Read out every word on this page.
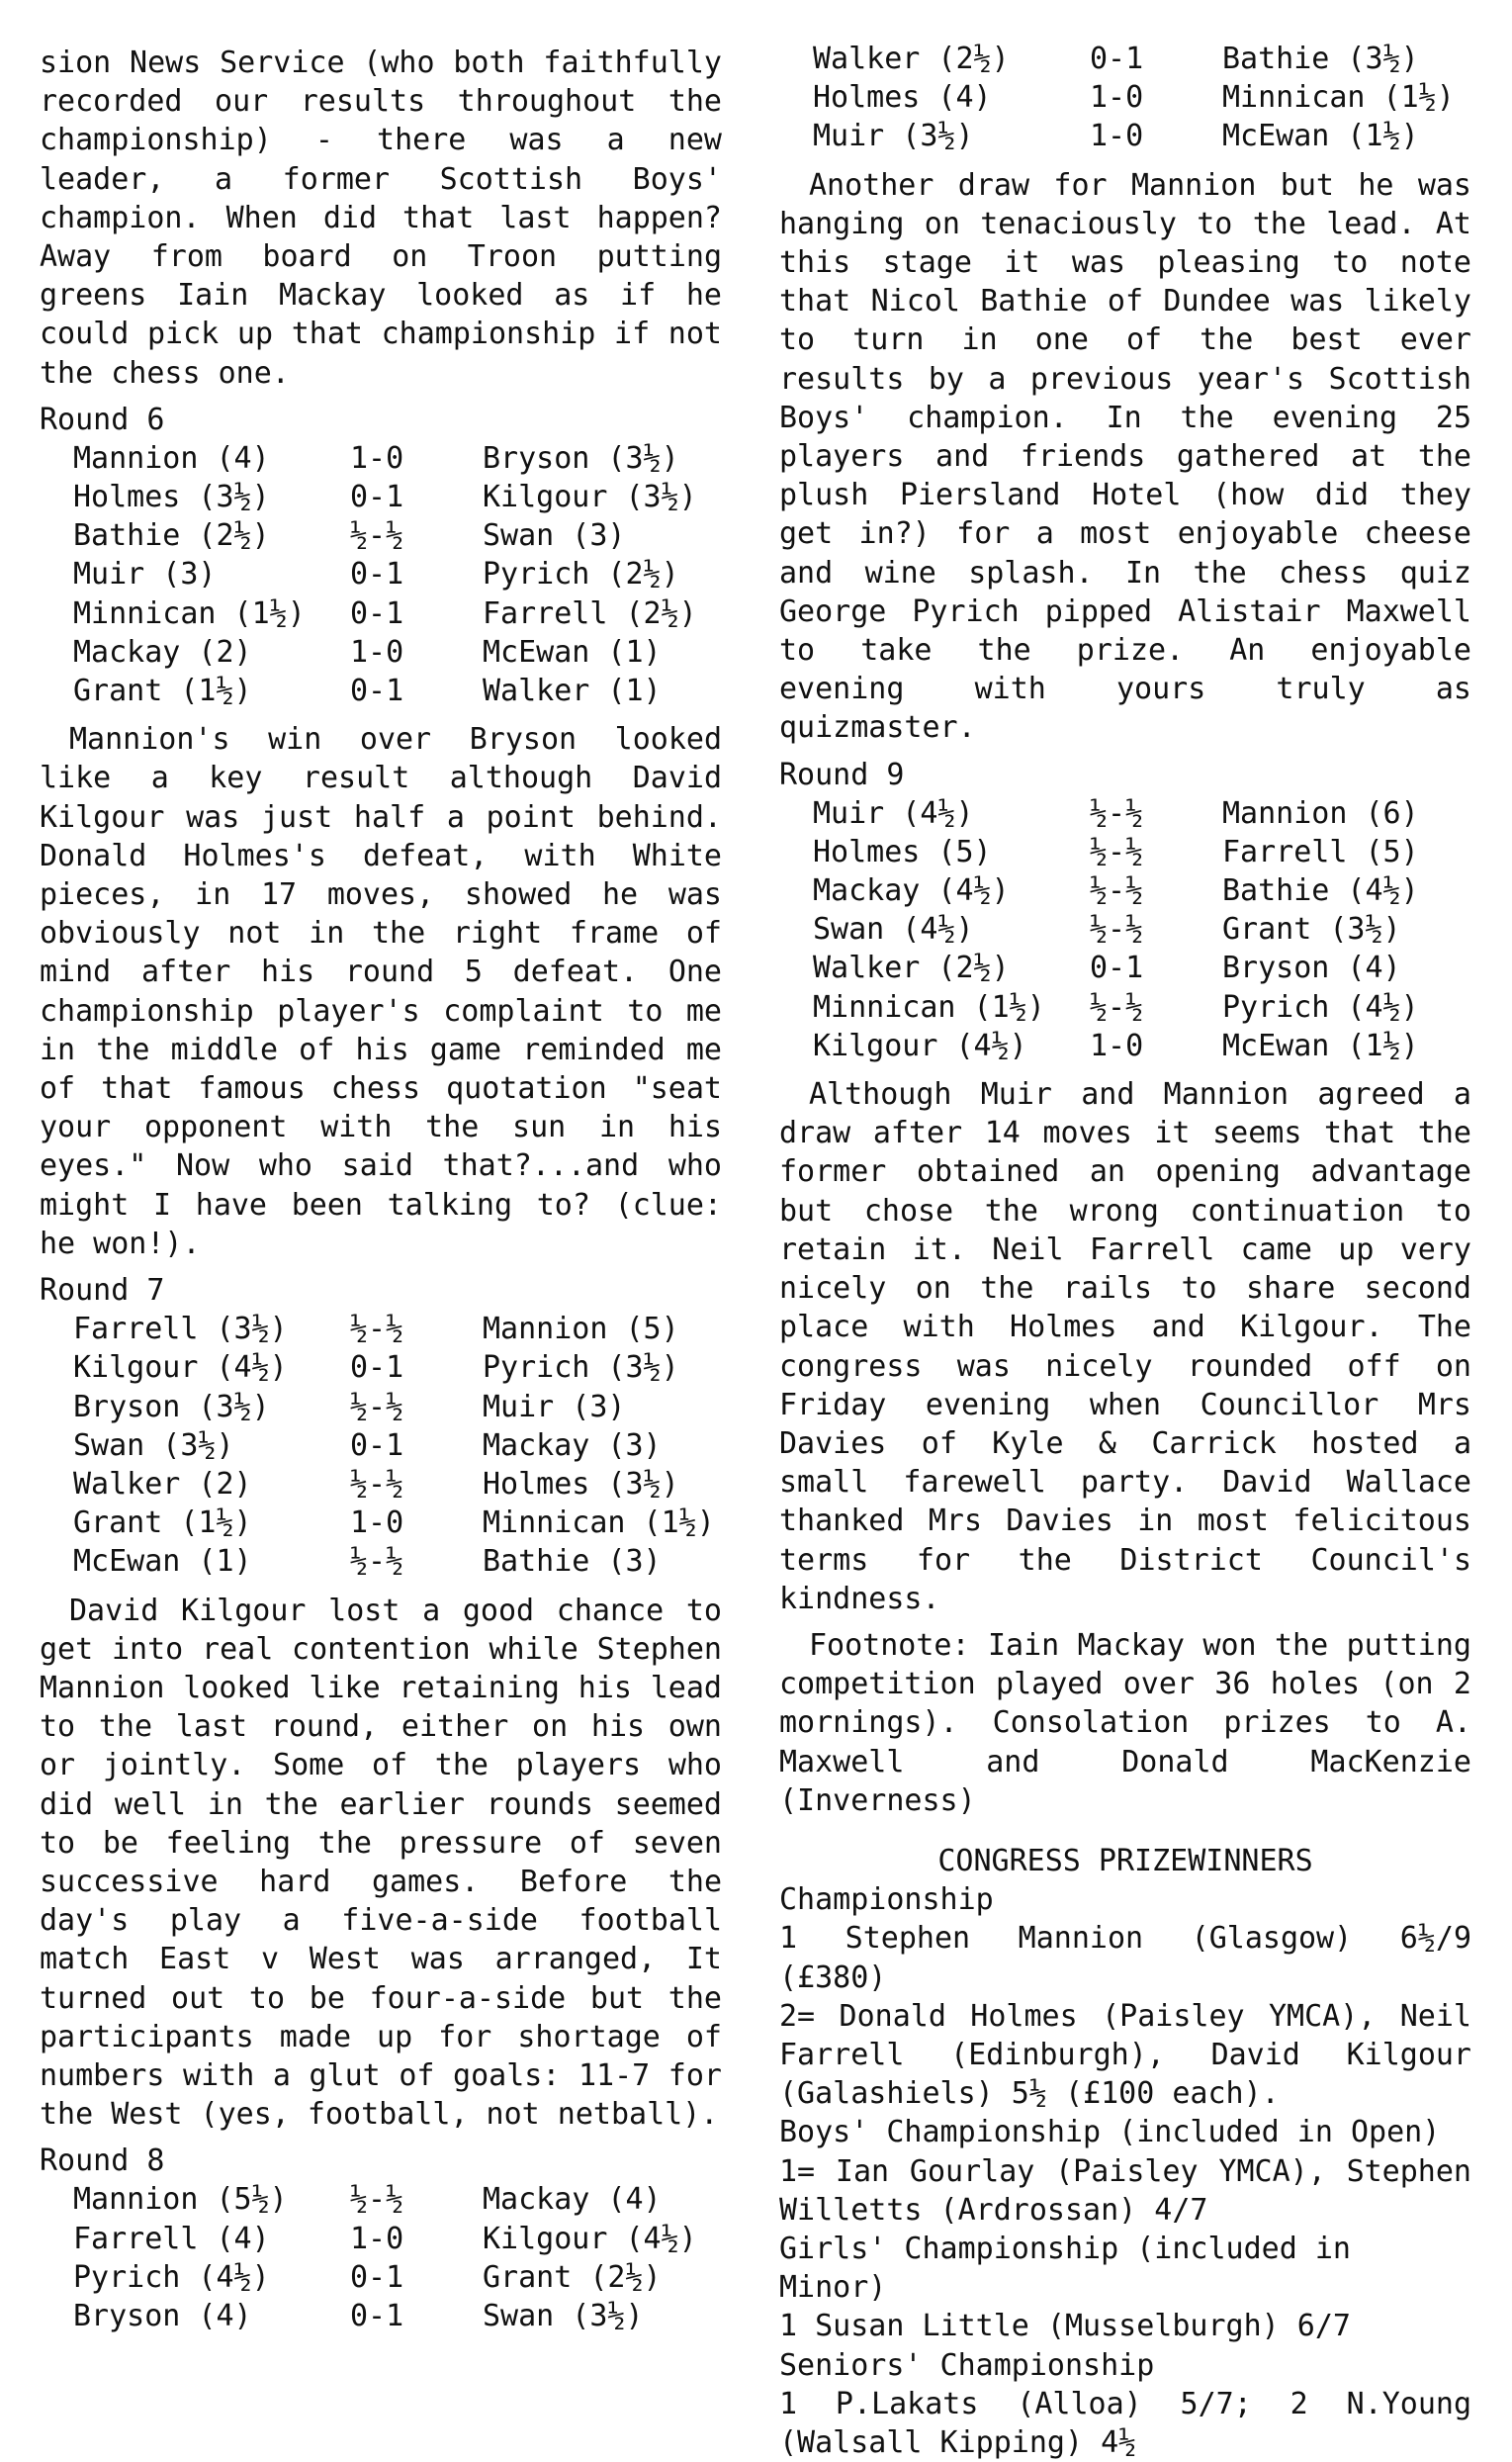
sion News Service (who both faithfully recorded our results throughout the championship) - there was a new leader, a former Scottish Boys' champion. When did that last happen? Away from board on Troon putting greens Iain Mackay looked as if he could pick up that championship if not the chess one.

Round 6
Mannion (4)	1-0	Bryson (3½)
Holmes (3½)	0-1	Kilgour (3½)
Bathie (2½)	½-½	Swan (3)
Muir (3)	0-1	Pyrich (2½)
Minnican (1½)	0-1	Farrell (2½)
Mackay (2)	1-0	McEwan (1)
Grant (1½)	0-1	Walker (1)

Mannion's win over Bryson looked like a key result although David Kilgour was just half a point behind. Donald Holmes's defeat, with White pieces, in 17 moves, showed he was obviously not in the right frame of mind after his round 5 defeat. One championship player's complaint to me in the middle of his game reminded me of that famous chess quotation "seat your opponent with the sun in his eyes." Now who said that?...and who might I have been talking to? (clue: he won!).

Round 7
Farrell (3½)	½-½	Mannion (5)
Kilgour (4½)	0-1	Pyrich (3½)
Bryson (3½)	½-½	Muir (3)
Swan (3½)	0-1	Mackay (3)
Walker (2)	½-½	Holmes (3½)
Grant (1½)	1-0	Minnican (1½)
McEwan (1)	½-½	Bathie (3)

David Kilgour lost a good chance to get into real contention while Stephen Mannion looked like retaining his lead to the last round, either on his own or jointly. Some of the players who did well in the earlier rounds seemed to be feeling the pressure of seven successive hard games. Before the day's play a five-a-side football match East v West was arranged, It turned out to be four-a-side but the participants made up for shortage of numbers with a glut of goals: 11-7 for the West (yes, football, not netball).

Round 8
Mannion (5½)	½-½	Mackay (4)
Farrell (4)	1-0	Kilgour (4½)
Pyrich (4½)	0-1	Grant (2½)
Bryson (4)	0-1	Swan (3½)
Walker (2½)	0-1	Bathie (3½)
Holmes (4)	1-0	Minnican (1½)
Muir (3½)	1-0	McEwan (1½)

Another draw for Mannion but he was hanging on tenaciously to the lead. At this stage it was pleasing to note that Nicol Bathie of Dundee was likely to turn in one of the best ever results by a previous year's Scottish Boys' champion. In the evening 25 players and friends gathered at the plush Piersland Hotel (how did they get in?) for a most enjoyable cheese and wine splash. In the chess quiz George Pyrich pipped Alistair Maxwell to take the prize. An enjoyable evening with yours truly as quizmaster.

Round 9
Muir (4½)	½-½	Mannion (6)
Holmes (5)	½-½	Farrell (5)
Mackay (4½)	½-½	Bathie (4½)
Swan (4½)	½-½	Grant (3½)
Walker (2½)	0-1	Bryson (4)
Minnican (1½)	½-½	Pyrich (4½)
Kilgour (4½)	1-0	McEwan (1½)

Although Muir and Mannion agreed a draw after 14 moves it seems that the former obtained an opening advantage but chose the wrong continuation to retain it. Neil Farrell came up very nicely on the rails to share second place with Holmes and Kilgour. The congress was nicely rounded off on Friday evening when Councillor Mrs Davies of Kyle & Carrick hosted a small farewell party. David Wallace thanked Mrs Davies in most felicitous terms for the District Council's kindness.

Footnote: Iain Mackay won the putting competition played over 36 holes (on 2 mornings). Consolation prizes to A. Maxwell and Donald MacKenzie (Inverness)

CONGRESS PRIZEWINNERS
Championship
1 Stephen Mannion (Glasgow) 6½/9 (£380)
2= Donald Holmes (Paisley YMCA), Neil Farrell (Edinburgh), David Kilgour (Galashiels) 5½ (£100 each).
Boys' Championship (included in Open)
1= Ian Gourlay (Paisley YMCA), Stephen Willetts (Ardrossan) 4/7
Girls' Championship (included in Minor)
1 Susan Little (Musselburgh) 6/7
Seniors' Championship
1 P.Lakats (Alloa) 5/7; 2 N.Young (Walsall Kipping) 4½
